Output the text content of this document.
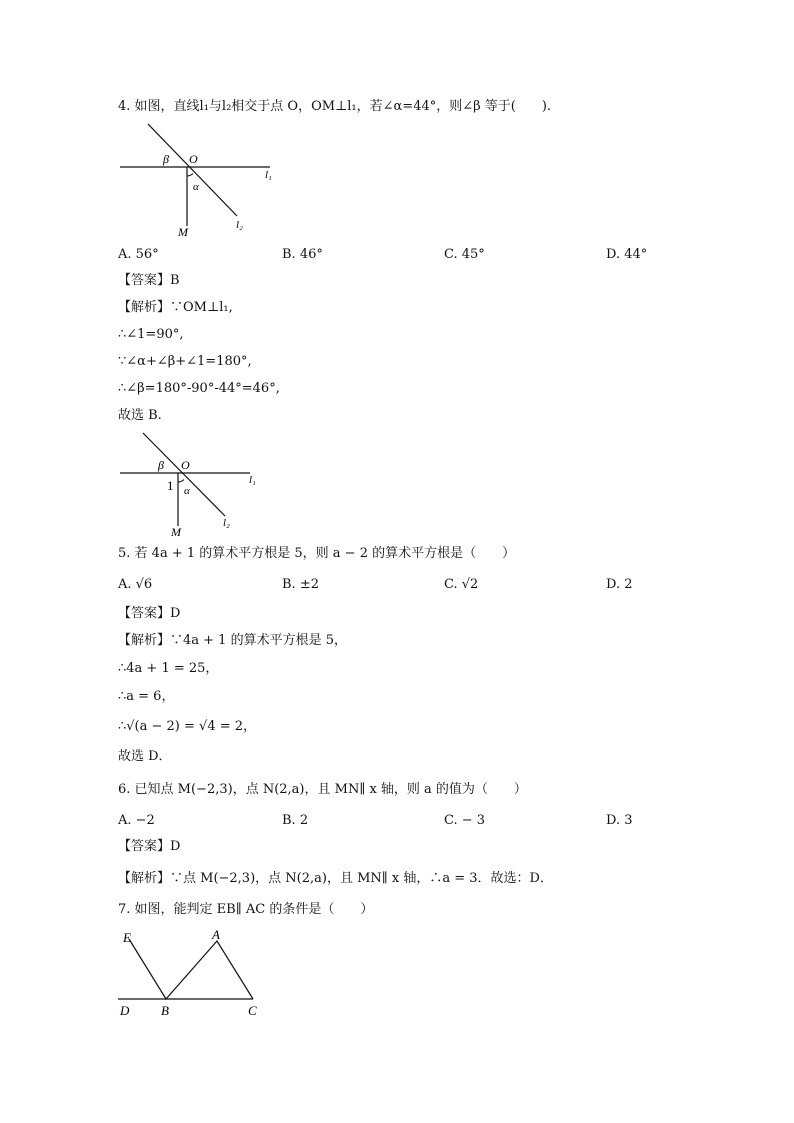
4. 如图，直线l₁与l₂相交于点 O，OM⊥l₁，若∠α=44°，则∠β 等于(　　).
β O
l₁
α
M	l₂
A. 56°	B. 46°	C. 45°	D. 44°
【答案】B
【解析】∵OM⊥l₁,
∴∠1=90°,
∵∠α+∠β+∠1=180°,
∴∠β=180°-90°-44°=46°,
故选 B.
β O
l₁
1 α
M
l₂
5. 若 4a + 1 的算术平方根是 5，则 a − 2 的算术平方根是（　　）
A. √6	B. ±2	C. √2	D. 2
【答案】D
【解析】∵4a + 1 的算术平方根是 5，
∴4a + 1 = 25，
∴a = 6，
∴√(a − 2) = √4 = 2，
故选 D．
6. 已知点 M(−2,3)，点 N(2,a)，且 MN∥ x 轴，则 a 的值为（　　）
A. −2	B. 2	C. − 3	D. 3
【答案】D
【解析】∵点 M(−2,3)，点 N(2,a)，且 MN∥ x 轴，∴a = 3．故选：D．
7. 如图，能判定 EB∥ AC 的条件是（　　）
E	A
D B	C
